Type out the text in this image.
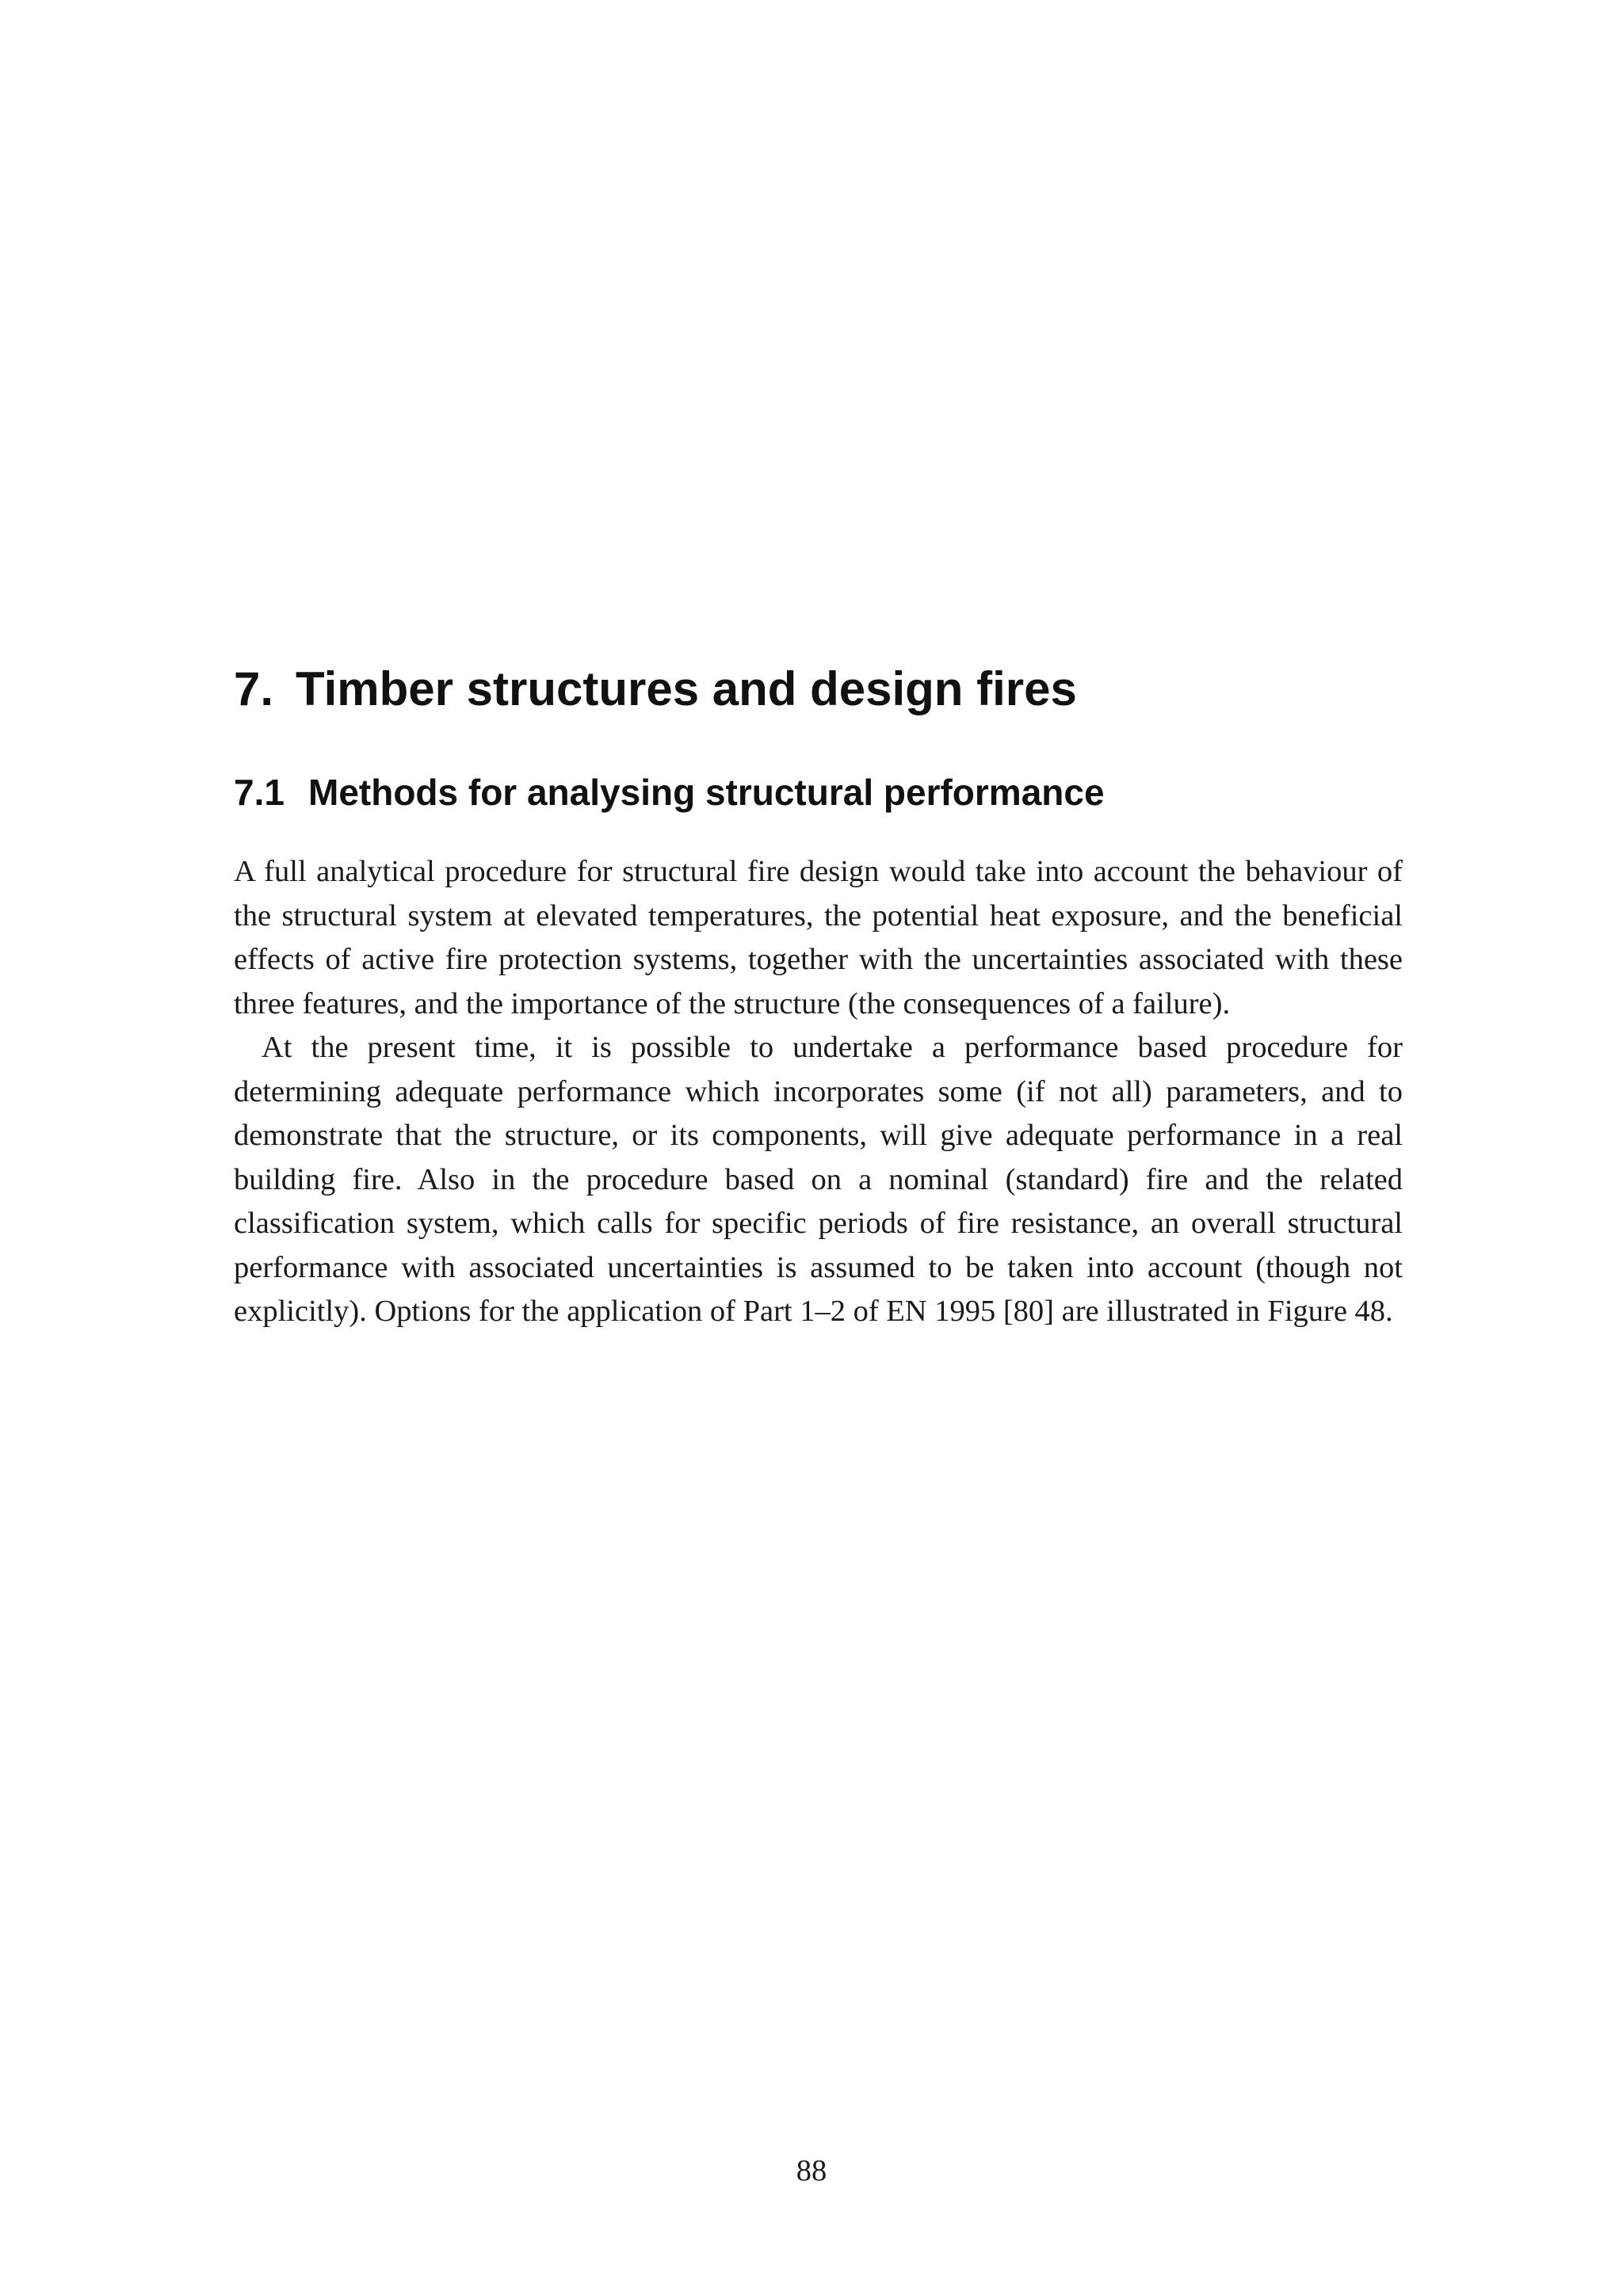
7. Timber structures and design fires
7.1 Methods for analysing structural performance

A full analytical procedure for structural fire design would take into account the behaviour of the structural system at elevated temperatures, the potential heat exposure, and the beneficial effects of active fire protection systems, together with the uncertainties associated with these three features, and the importance of the structure (the consequences of a failure).

At the present time, it is possible to undertake a performance based procedure for determining adequate performance which incorporates some (if not all) parameters, and to demonstrate that the structure, or its components, will give adequate performance in a real building fire. Also in the procedure based on a nominal (standard) fire and the related classification system, which calls for specific periods of fire resistance, an overall structural performance with associated uncertainties is assumed to be taken into account (though not explicitly). Options for the application of Part 1–2 of EN 1995 [80] are illustrated in Figure 48.

88
